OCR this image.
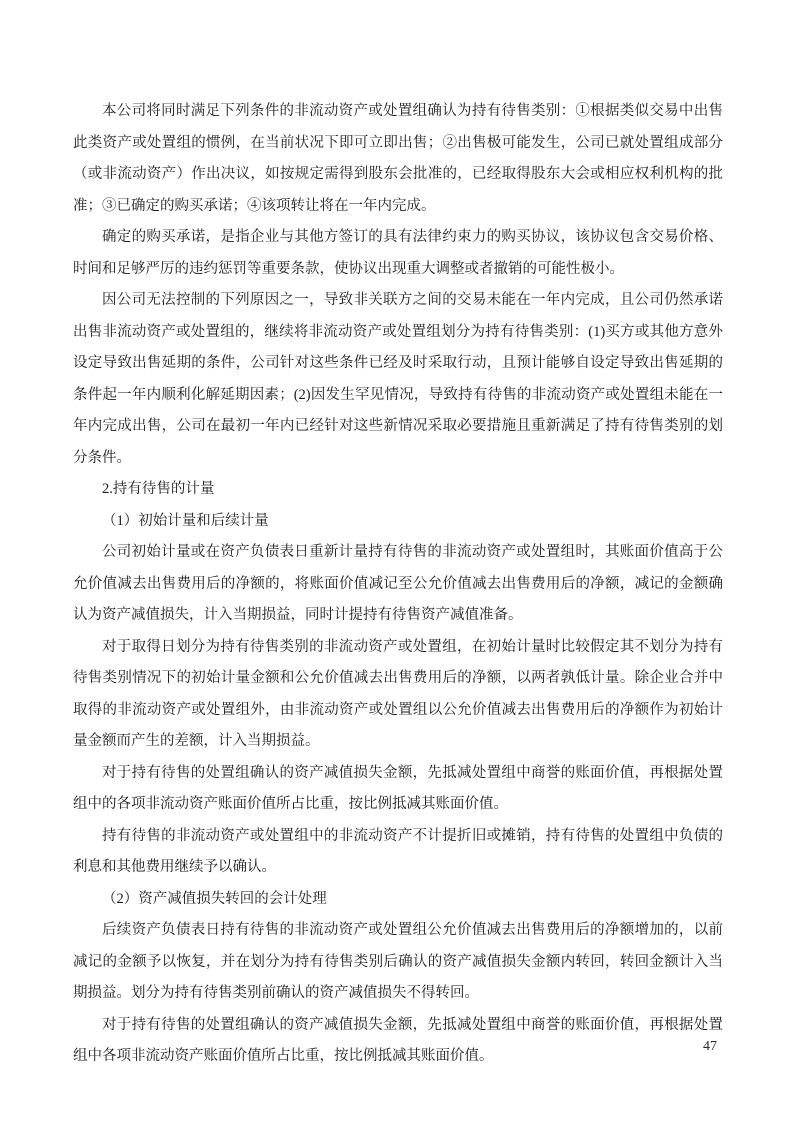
本公司将同时满足下列条件的非流动资产或处置组确认为持有待售类别：①根据类似交易中出售此类资产或处置组的惯例，在当前状况下即可立即出售；②出售极可能发生，公司已就处置组成部分（或非流动资产）作出决议，如按规定需得到股东会批准的，已经取得股东大会或相应权利机构的批准；③已确定的购买承诺；④该项转让将在一年内完成。

确定的购买承诺，是指企业与其他方签订的具有法律约束力的购买协议，该协议包含交易价格、时间和足够严厉的违约惩罚等重要条款，使协议出现重大调整或者撤销的可能性极小。

因公司无法控制的下列原因之一，导致非关联方之间的交易未能在一年内完成，且公司仍然承诺出售非流动资产或处置组的，继续将非流动资产或处置组划分为持有待售类别：(1)买方或其他方意外设定导致出售延期的条件，公司针对这些条件已经及时采取行动，且预计能够自设定导致出售延期的条件起一年内顺利化解延期因素；(2)因发生罕见情况，导致持有待售的非流动资产或处置组未能在一年内完成出售，公司在最初一年内已经针对这些新情况采取必要措施且重新满足了持有待售类别的划分条件。

2.持有待售的计量

（1）初始计量和后续计量

公司初始计量或在资产负债表日重新计量持有待售的非流动资产或处置组时，其账面价值高于公允价值减去出售费用后的净额的，将账面价值减记至公允价值减去出售费用后的净额，减记的金额确认为资产减值损失，计入当期损益，同时计提持有待售资产减值准备。

对于取得日划分为持有待售类别的非流动资产或处置组，在初始计量时比较假定其不划分为持有待售类别情况下的初始计量金额和公允价值减去出售费用后的净额，以两者孰低计量。除企业合并中取得的非流动资产或处置组外，由非流动资产或处置组以公允价值减去出售费用后的净额作为初始计量金额而产生的差额，计入当期损益。

对于持有待售的处置组确认的资产减值损失金额，先抵减处置组中商誉的账面价值，再根据处置组中的各项非流动资产账面价值所占比重，按比例抵减其账面价值。

持有待售的非流动资产或处置组中的非流动资产不计提折旧或摊销，持有待售的处置组中负债的利息和其他费用继续予以确认。

（2）资产减值损失转回的会计处理

后续资产负债表日持有待售的非流动资产或处置组公允价值减去出售费用后的净额增加的，以前减记的金额予以恢复，并在划分为持有待售类别后确认的资产减值损失金额内转回，转回金额计入当期损益。划分为持有待售类别前确认的资产减值损失不得转回。

对于持有待售的处置组确认的资产减值损失金额，先抵减处置组中商誉的账面价值，再根据处置组中各项非流动资产账面价值所占比重，按比例抵减其账面价值。

47
